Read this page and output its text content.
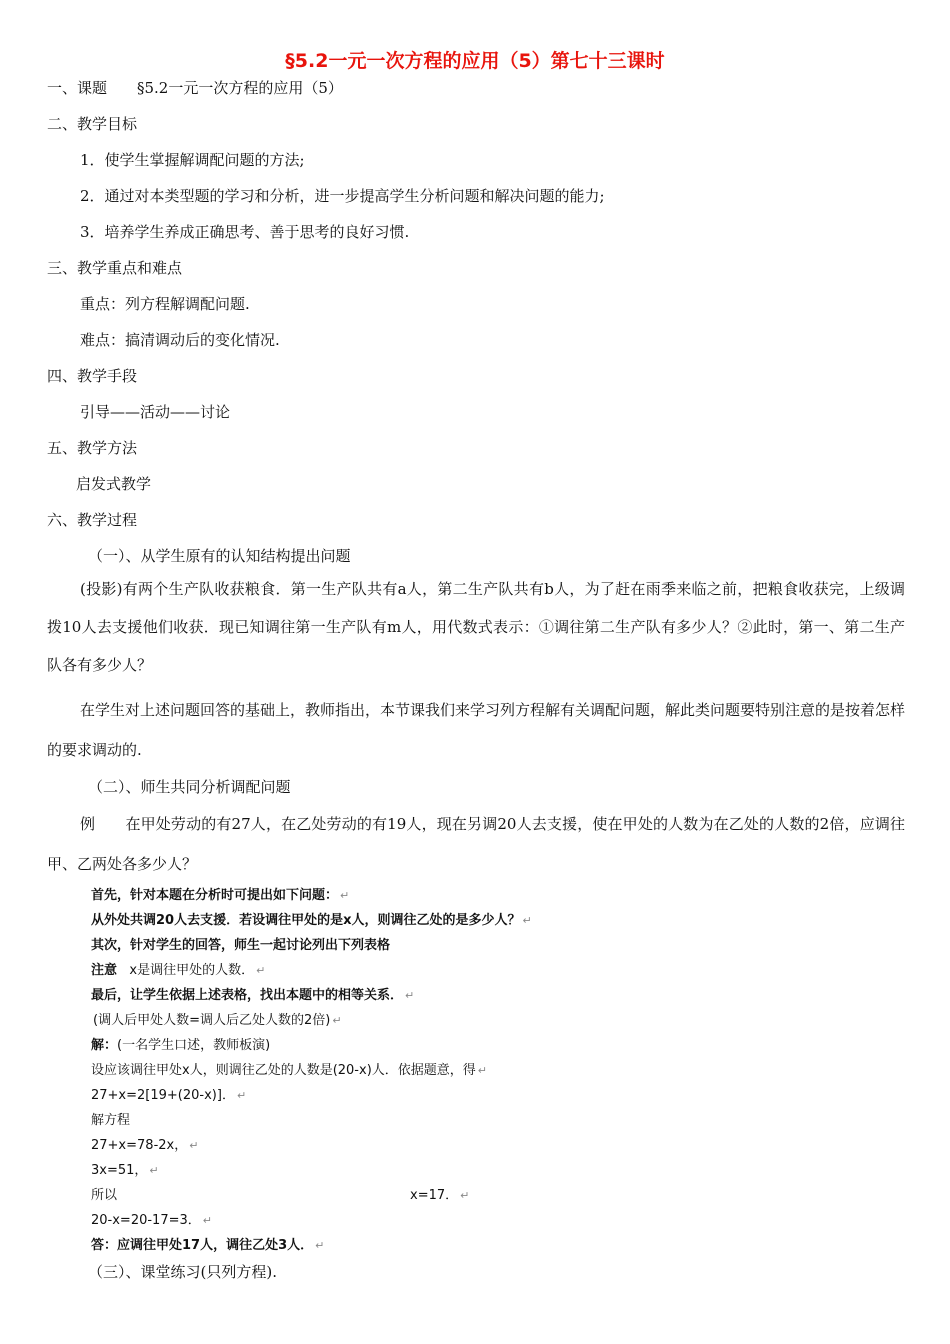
§5.2一元一次方程的应用（5）第七十三课时
一、课题　　§5.2一元一次方程的应用（5）
二、教学目标
1．使学生掌握解调配问题的方法;
2．通过对本类型题的学习和分析，进一步提高学生分析问题和解决问题的能力;
3．培养学生养成正确思考、善于思考的良好习惯.
三、教学重点和难点
重点：列方程解调配问题.
难点：搞清调动后的变化情况.
四、教学手段
引导——活动——讨论
五、教学方法
启发式教学
六、教学过程
（一）、从学生原有的认知结构提出问题
(投影)有两个生产队收获粮食．第一生产队共有a人，第二生产队共有b人，为了赶在雨季来临之前，把粮食收获完，上级调拨10人去支援他们收获．现已知调往第一生产队有m人，用代数式表示：①调往第二生产队有多少人？②此时，第一、第二生产队各有多少人？
在学生对上述问题回答的基础上，教师指出，本节课我们来学习列方程解有关调配问题，解此类问题要特别注意的是按着怎样的要求调动的.
（二）、师生共同分析调配问题
例　　在甲处劳动的有27人，在乙处劳动的有19人，现在另调20人去支援，使在甲处的人数为在乙处的人数的2倍，应调往甲、乙两处各多少人？
首先，针对本题在分析时可提出如下问题： ↵
从外处共调20人去支援．若设调往甲处的是x人，则调往乙处的是多少人？ ↵
其次，针对学生的回答，师生一起讨论列出下列表格
注意 x是调往甲处的人数． ↵
最后，让学生依据上述表格，找出本题中的相等关系． ↵
(调人后甲处人数=调人后乙处人数的2倍) ↵
解：(一名学生口述，教师板演)
设应该调往甲处x人，则调往乙处的人数是(20-x)人．依据题意，得 ↵
27+x=2[19+(20-x)]． ↵
解方程
27+x=78-2x， ↵
3x=51， ↵
所以	x=17． ↵
20-x=20-17=3． ↵
答：应调往甲处17人，调往乙处3人． ↵
（三）、课堂练习(只列方程).
